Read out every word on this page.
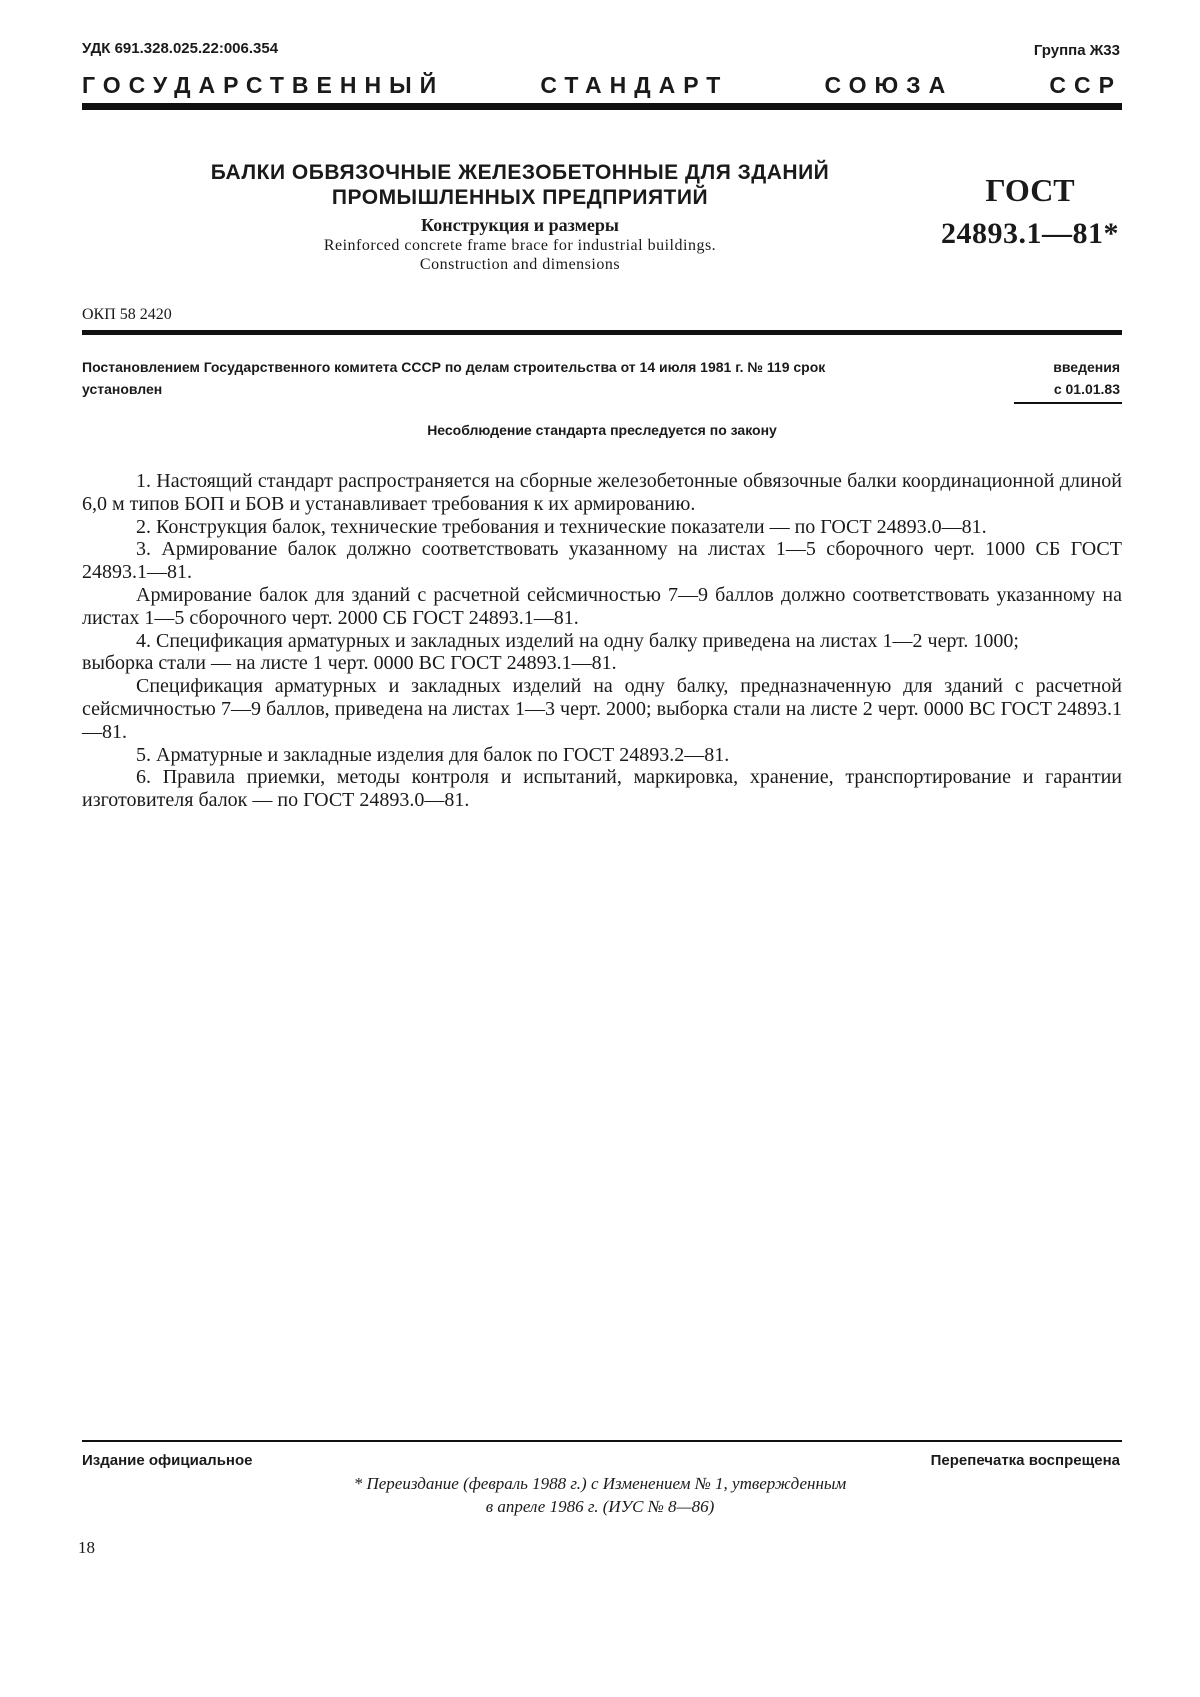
УДК 691.328.025.22:006.354	Группа Ж33
ГОСУДАРСТВЕННЫЙ	СТАНДАРТ	СОЮЗА	ССР
БАЛКИ ОБВЯЗОЧНЫЕ ЖЕЛЕЗОБЕТОННЫЕ ДЛЯ ЗДАНИЙ
ПРОМЫШЛЕННЫХ ПРЕДПРИЯТИЙ
Конструкция и размеры
Reinforced concrete frame brace for industrial buildings.
Construction and dimensions
ГОСТ
24893.1—81*
ОКП 58 2420
Постановлением Государственного комитета СССР по делам строительства от 14 июля 1981 г. № 119 срок
установлен
введения
с 01.01.83
Несоблюдение стандарта преследуется по закону

1. Настоящий стандарт распространяется на сборные железобетонные обвязочные балки координационной длиной 6,0 м типов БОП и БОВ и устанавливает требования к их армированию.

2. Конструкция балок, технические требования и технические показатели — по ГОСТ 24893.0—81.

3. Армирование балок должно соответствовать указанному на листах 1—5 сборочного черт. 1000 СБ ГОСТ 24893.1—81.

Армирование балок для зданий с расчетной сейсмичностью 7—9 баллов должно соответствовать указанному на листах 1—5 сборочного черт. 2000 СБ ГОСТ 24893.1—81.

4. Спецификация арматурных и закладных изделий на одну балку приведена на листах 1—2 черт. 1000;

выборка стали — на листе 1 черт. 0000 ВС ГОСТ 24893.1—81.

Спецификация арматурных и закладных изделий на одну балку, предназначенную для зданий с расчетной сейсмичностью 7—9 баллов, приведена на листах 1—3 черт. 2000; выборка стали на листе 2 черт. 0000 ВС ГОСТ 24893.1—81.

5. Арматурные и закладные изделия для балок по ГОСТ 24893.2—81.

6. Правила приемки, методы контроля и испытаний, маркировка, хранение, транспортирование и гарантии изготовителя балок — по ГОСТ 24893.0—81.

Издание официальное	Перепечатка воспрещена
* Переиздание (февраль 1988 г.) с Изменением № 1, утвержденным
в апреле 1986 г. (ИУС № 8—86)
18
